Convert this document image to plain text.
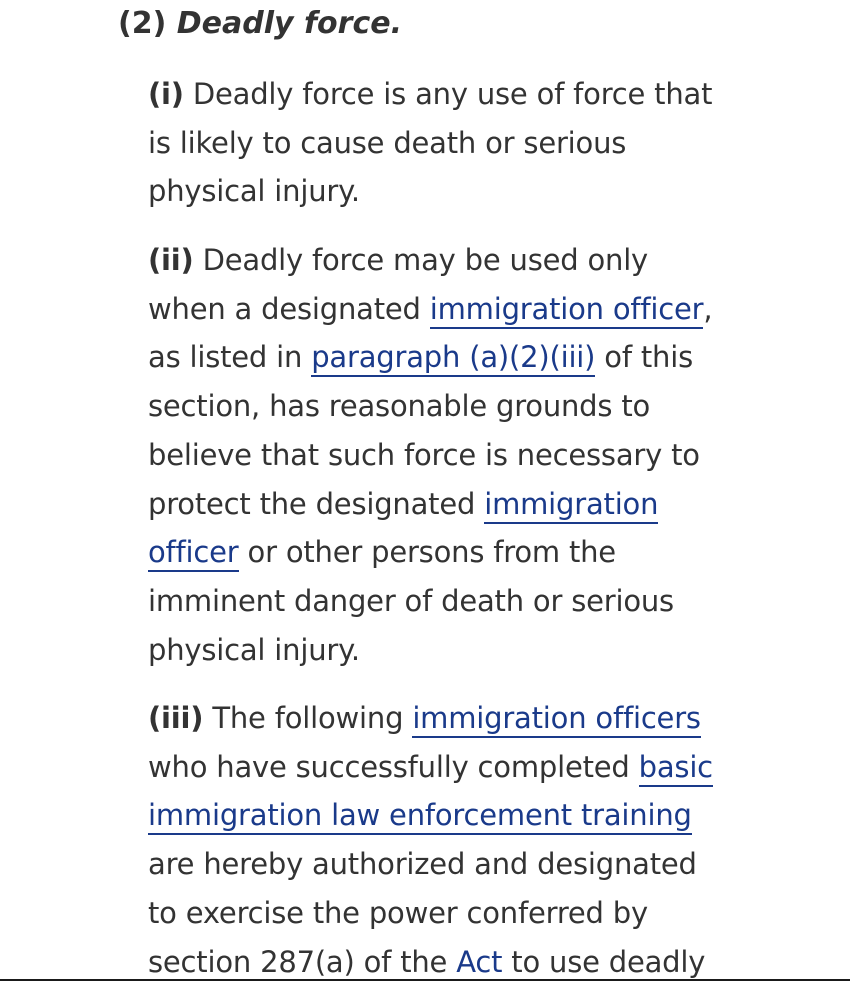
(2) Deadly force.
(i) Deadly force is any use of force that
is likely to cause death or serious
physical injury.
(ii) Deadly force may be used only
when a designated immigration officer,
as listed in paragraph (a)(2)(iii) of this
section, has reasonable grounds to
believe that such force is necessary to
protect the designated immigration
officer or other persons from the
imminent danger of death or serious
physical injury.
(iii) The following immigration officers
who have successfully completed basic
immigration law enforcement training
are hereby authorized and designated
to exercise the power conferred by
section 287(a) of the Act to use deadly
